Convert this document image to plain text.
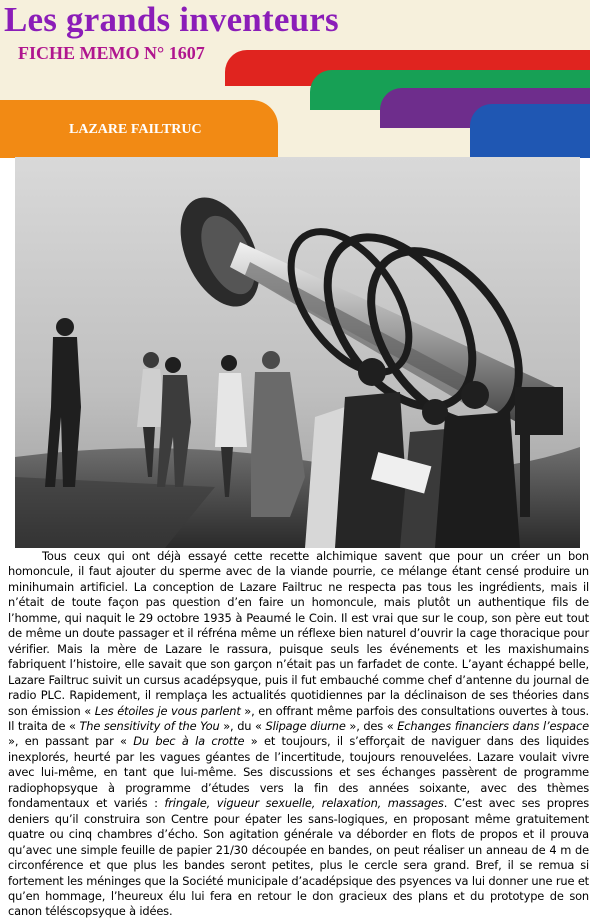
Les grands inventeurs
FICHE MEMO N° 1607
LAZARE FAILTRUC
Tous ceux qui ont déjà essayé cette recette alchimique savent que pour un créer un bon homoncule, il faut ajouter du sperme avec de la viande pourrie, ce mélange étant censé produire un minihumain artificiel. La conception de Lazare Failtruc ne respecta pas tous les ingrédients, mais il n’était de toute façon pas question d’en faire un homoncule, mais plutôt un authentique fils de l’homme, qui naquit le 29 octobre 1935 à Peaumé le Coin. Il est vrai que sur le coup, son père eut tout de même un doute passager et il réfréna même un réflexe bien naturel d’ouvrir la cage thoracique pour vérifier. Mais la mère de Lazare le rassura, puisque seuls les événements et les maxishumains fabriquent l’histoire, elle savait que son garçon n’était pas un farfadet de conte. L’ayant échappé belle, Lazare Failtruc suivit un cursus acadépsyque, puis il fut embauché comme chef d’antenne du journal de radio PLC. Rapidement, il remplaça les actualités quotidiennes par la déclinaison de ses théories dans son émission « Les étoiles je vous parlent », en offrant même parfois des consultations ouvertes à tous. Il traita de « The sensitivity of the You », du « Slipage diurne », des « Echanges financiers dans l’espace », en passant par « Du bec à la crotte » et toujours, il s’efforçait de naviguer dans des liquides inexplorés, heurté par les vagues géantes de l’incertitude, toujours renouvelées. Lazare voulait vivre avec lui-même, en tant que lui-même. Ses discussions et ses échanges passèrent de programme radiophopsyque à programme d’études vers la fin des années soixante, avec des thèmes fondamentaux et variés : fringale, vigueur sexuelle, relaxation, massages. C’est avec ses propres deniers qu’il construira son Centre pour épater les sans-logiques, en proposant même gratuitement quatre ou cinq chambres d’écho. Son agitation générale va déborder en flots de propos et il prouva qu’avec une simple feuille de papier 21/30 découpée en bandes, on peut réaliser un anneau de 4 m de circonférence et que plus les bandes seront petites, plus le cercle sera grand. Bref, il se remua si fortement les méninges que la Société municipale d’acadépsique des psyences va lui donner une rue et qu’en hommage, l’heureux élu lui fera en retour le don gracieux des plans et du prototype de son canon téléscopsyque à idées.
